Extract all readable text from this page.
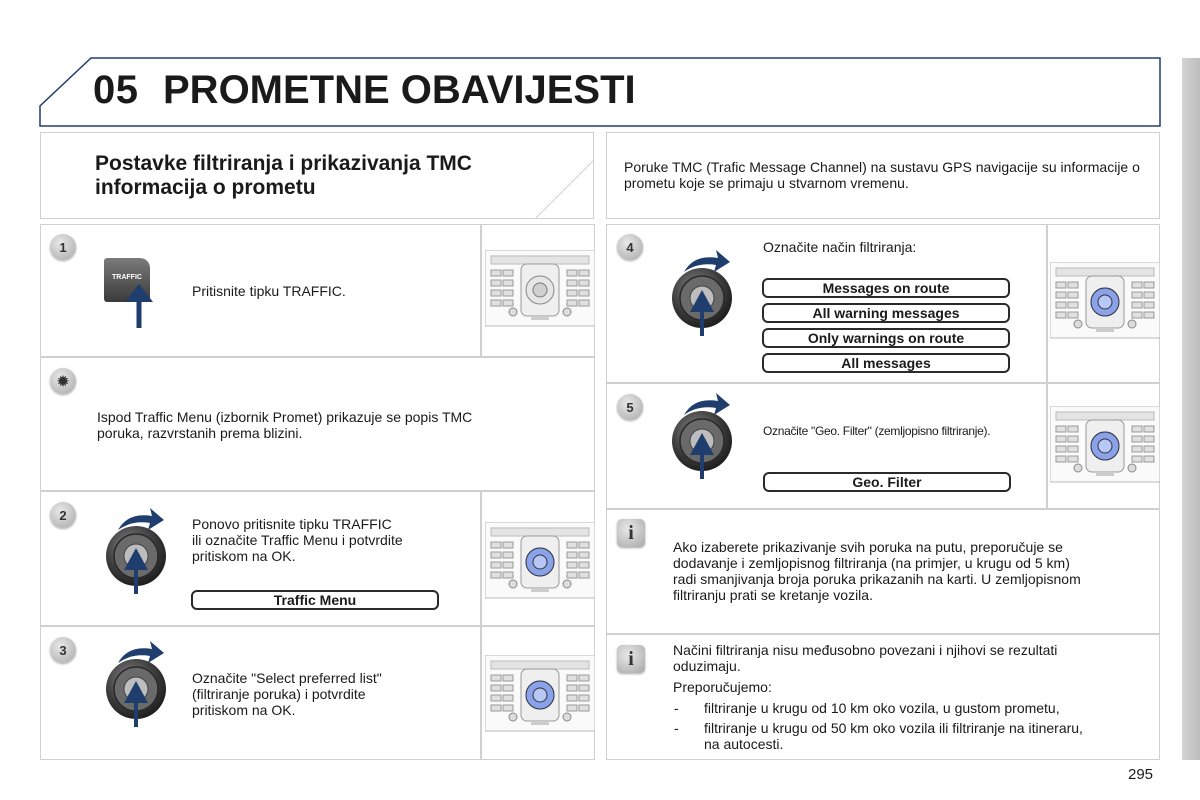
05 PROMETNE OBAVIJESTI
Postavke filtriranja i prikazivanja TMC
informacija o prometu
Poruke TMC (Trafic Message Channel) na sustavu GPS navigacije su informacije o prometu koje se primaju u stvarnom vremenu.
1
TRAFFIC
Pritisnite tipku TRAFFIC.
✹
Ispod Traffic Menu (izbornik Promet) prikazuje se popis TMC
poruka, razvrstanih prema blizini.
2
Ponovo pritisnite tipku TRAFFIC
ili označite Traffic Menu i potvrdite
pritiskom na OK.
Traffic Menu
3
Označite "Select preferred list"
(filtriranje poruka) i potvrdite
pritiskom na OK.
4	Označite način filtriranja:
Messages on route
All warning messages
Only warnings on route
All messages
5
Označite "Geo. Filter" (zemljopisno filtriranje).
Geo. Filter
i
Ako izaberete prikazivanje svih poruka na putu, preporučuje se
dodavanje i zemljopisnog filtriranja (na primjer, u krugu od 5 km)
radi smanjivanja broja poruka prikazanih na karti. U zemljopisnom
filtriranju prati se kretanje vozila.
i	Načini filtriranja nisu međusobno povezani i njihovi se rezultati
oduzimaju.
Preporučujemo:
- filtriranje u krugu od 10 km oko vozila, u gustom prometu,
- filtriranje u krugu od 50 km oko vozila ili filtriranje na itineraru,
na autocesti.
295
